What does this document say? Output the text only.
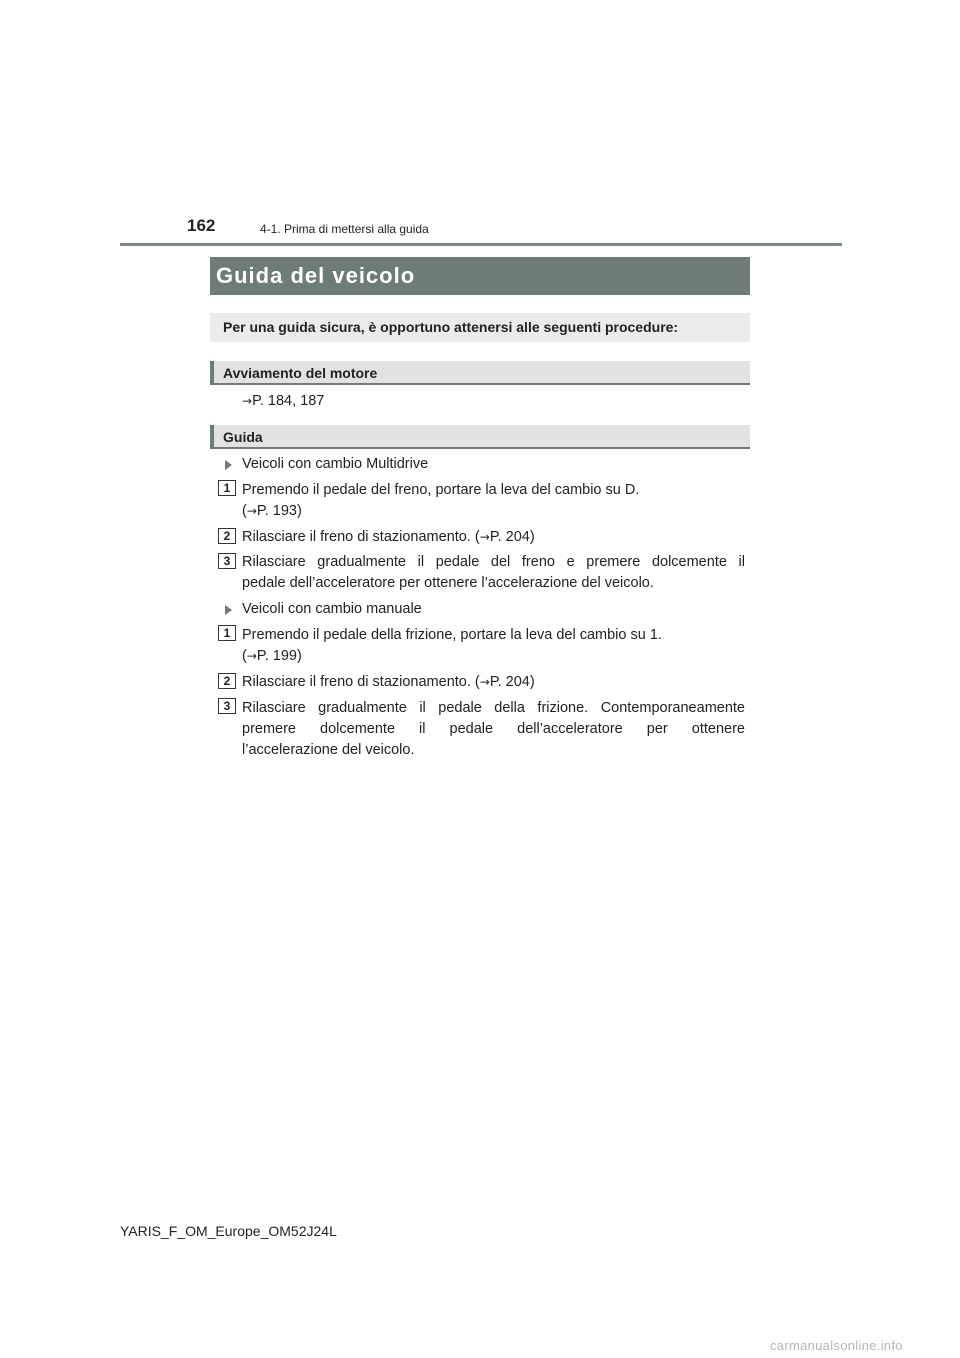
162	4-1. Prima di mettersi alla guida
Guida del veicolo
Per una guida sicura, è opportuno attenersi alle seguenti procedure:
Avviamento del motore
→P. 184, 187
Guida
Veicoli con cambio Multidrive
1 Premendo il pedale del freno, portare la leva del cambio su D.
(→P. 193)
2 Rilasciare il freno di stazionamento. (→P. 204)
3 Rilasciare gradualmente il pedale del freno e premere dolcemente il
pedale dell’acceleratore per ottenere l’accelerazione del veicolo.
Veicoli con cambio manuale
1 Premendo il pedale della frizione, portare la leva del cambio su 1.
(→P. 199)
2 Rilasciare il freno di stazionamento. (→P. 204)
3 Rilasciare gradualmente il pedale della frizione. Contemporaneamente
premere dolcemente il pedale dell’acceleratore per ottenere
l’accelerazione del veicolo.
YARIS_F_OM_Europe_OM52J24L
carmanualsonline.info
